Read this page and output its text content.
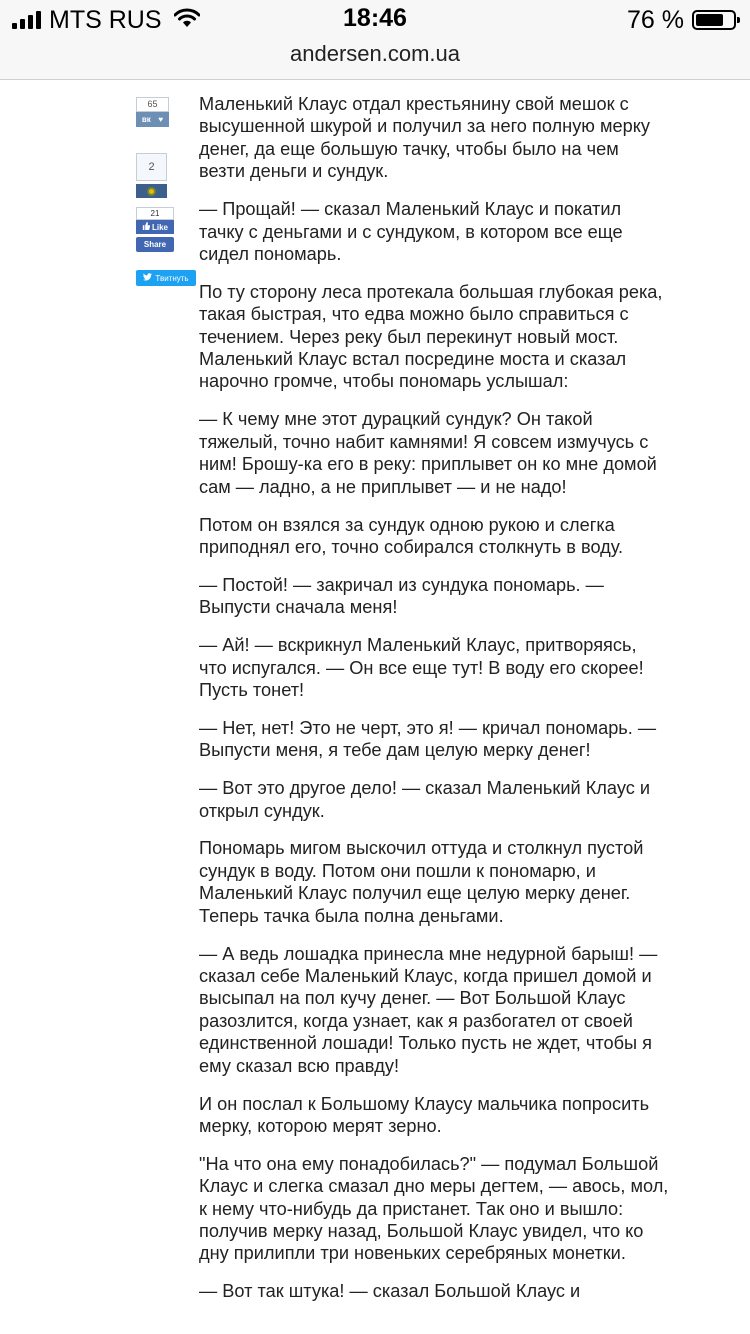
MTS RUS	18:46	76 %
andersen.com.ua
65
вк ♥
2
21
Like
Share
Твитнуть

Маленький Клаус отдал крестьянину свой мешок с высушенной шкурой и получил за него полную мерку денег, да еще большую тачку, чтобы было на чем везти деньги и сундук.

— Прощай! — сказал Маленький Клаус и покатил тачку с деньгами и с сундуком, в котором все еще сидел пономарь.

По ту сторону леса протекала большая глубокая река, такая быстрая, что едва можно было справиться с течением. Через реку был перекинут новый мост. Маленький Клаус встал посредине моста и сказал нарочно громче, чтобы пономарь услышал:

— К чему мне этот дурацкий сундук? Он такой тяжелый, точно набит камнями! Я совсем измучусь с ним! Брошу-ка его в реку: приплывет он ко мне домой сам — ладно, а не приплывет — и не надо!

Потом он взялся за сундук одною рукою и слегка приподнял его, точно собирался столкнуть в воду.

— Постой! — закричал из сундука пономарь. — Выпусти сначала меня!

— Ай! — вскрикнул Маленький Клаус, притворяясь, что испугался. — Он все еще тут! В воду его скорее! Пусть тонет!

— Нет, нет! Это не черт, это я! — кричал пономарь. — Выпусти меня, я тебе дам целую мерку денег!

— Вот это другое дело! — сказал Маленький Клаус и открыл сундук.

Пономарь мигом выскочил оттуда и столкнул пустой сундук в воду. Потом они пошли к пономарю, и Маленький Клаус получил еще целую мерку денег. Теперь тачка была полна деньгами.

— А ведь лошадка принесла мне недурной барыш! — сказал себе Маленький Клаус, когда пришел домой и высыпал на пол кучу денег. — Вот Большой Клаус разозлится, когда узнает, как я разбогател от своей единственной лошади! Только пусть не ждет, чтобы я ему сказал всю правду!

И он послал к Большому Клаусу мальчика попросить мерку, которою мерят зерно.

"На что она ему понадобилась?" — подумал Большой Клаус и слегка смазал дно меры дегтем, — авось, мол, к нему что-нибудь да пристанет. Так оно и вышло: получив мерку назад, Большой Клаус увидел, что ко дну прилипли три новеньких серебряных монетки.

— Вот так штука! — сказал Большой Клаус и
